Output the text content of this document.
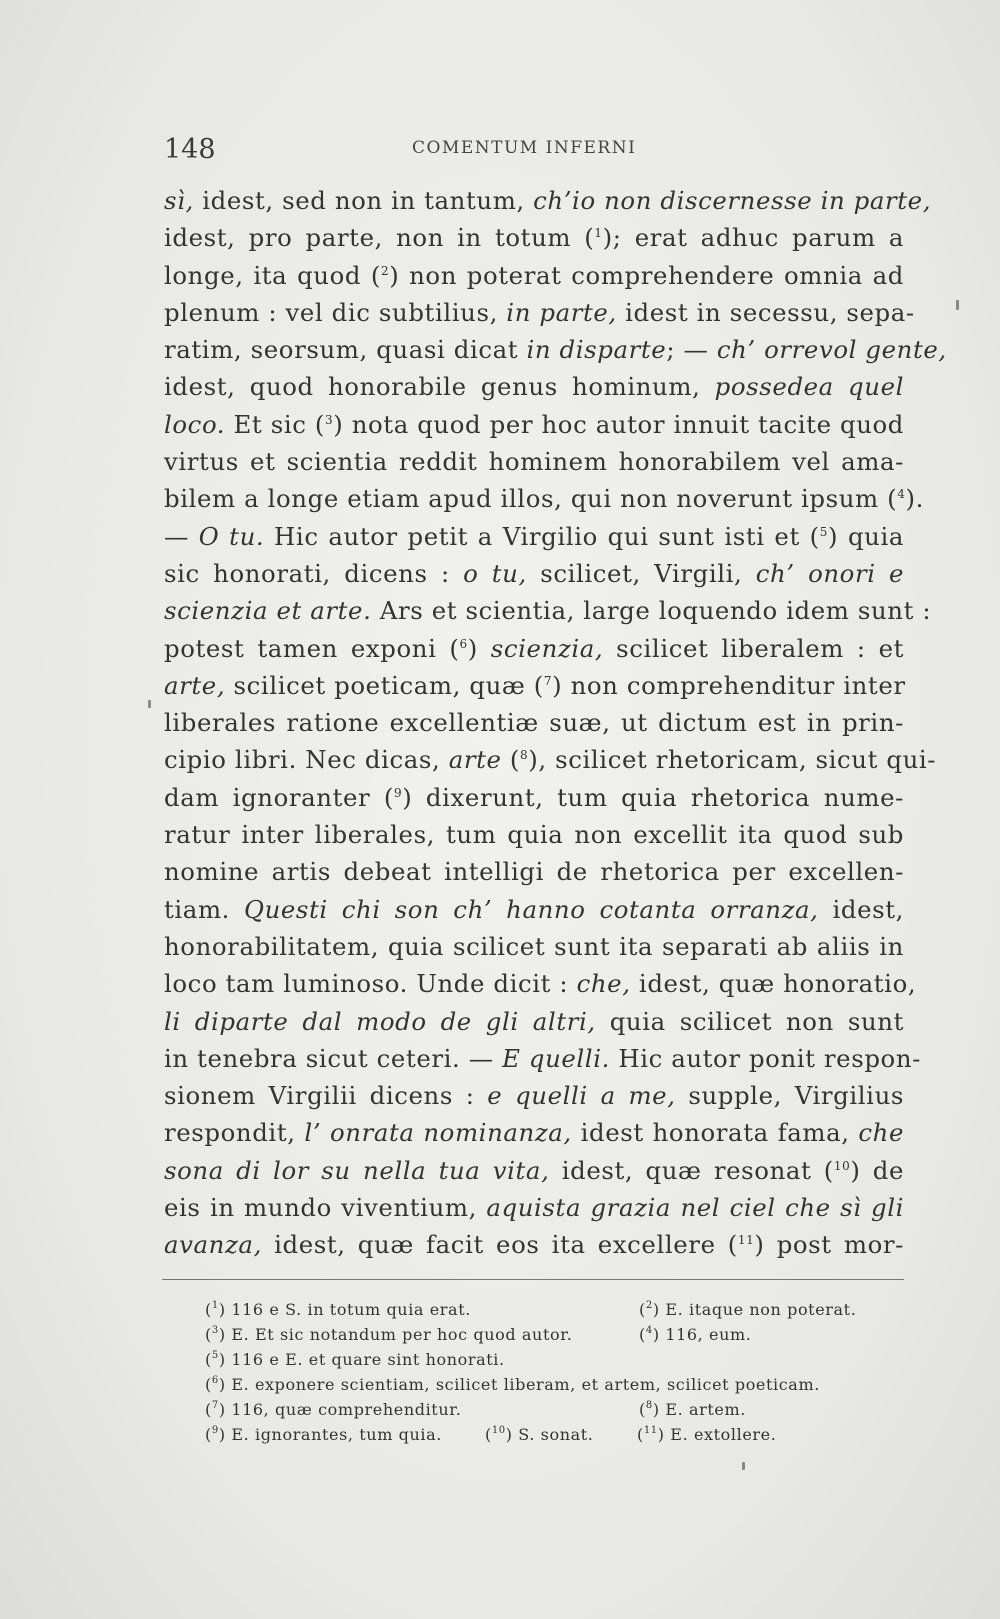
148	COMENTUM INFERNI
sì, idest, sed non in tantum, ch’io non discernesse in parte,
idest, pro parte, non in totum ($^1$); erat adhuc parum a
longe, ita quod ($^2$) non poterat comprehendere omnia ad
plenum : vel dic subtilius, in parte, idest in secessu, sepa-
ratim, seorsum, quasi dicat in disparte; — ch’ orrevol gente,
idest, quod honorabile genus hominum, possedea quel
loco. Et sic ($^3$) nota quod per hoc autor innuit tacite quod
virtus et scientia reddit hominem honorabilem vel ama-
bilem a longe etiam apud illos, qui non noverunt ipsum ($^4$).
— O tu. Hic autor petit a Virgilio qui sunt isti et ($^5$) quia
sic honorati, dicens : o tu, scilicet, Virgili, ch’ onori e
scienzia et arte. Ars et scientia, large loquendo idem sunt :
potest tamen exponi ($^6$) scienzia, scilicet liberalem : et
arte, scilicet poeticam, quæ ($^7$) non comprehenditur inter
liberales ratione excellentiæ suæ, ut dictum est in prin-
cipio libri. Nec dicas, arte ($^8$), scilicet rhetoricam, sicut qui-
dam ignoranter ($^9$) dixerunt, tum quia rhetorica nume-
ratur inter liberales, tum quia non excellit ita quod sub
nomine artis debeat intelligi de rhetorica per excellen-
tiam. Questi chi son ch’ hanno cotanta orranza, idest,
honorabilitatem, quia scilicet sunt ita separati ab aliis in
loco tam luminoso. Unde dicit : che, idest, quæ honoratio,
li diparte dal modo de gli altri, quia scilicet non sunt
in tenebra sicut ceteri. — E quelli. Hic autor ponit respon-
sionem Virgilii dicens : e quelli a me, supple, Virgilius
respondit, l’ onrata nominanza, idest honorata fama, che
sona di lor su nella tua vita, idest, quæ resonat ($^{10}$) de
eis in mundo viventium, aquista grazia nel ciel che sì gli
avanza, idest, quæ facit eos ita excellere ($^{11}$) post mor-
($^1$) 116 e S. in totum quia erat.	($^2$) E. itaque non poterat.
($^3$) E. Et sic notandum per hoc quod autor.	($^4$) 116, eum.
($^5$) 116 e E. et quare sint honorati.
($^6$) E. exponere scientiam, scilicet liberam, et artem, scilicet poeticam.
($^7$) 116, quæ comprehenditur.	($^8$) E. artem.
($^9$) E. ignorantes, tum quia.	($^{10}$) S. sonat.	($^{11}$) E. extollere.
